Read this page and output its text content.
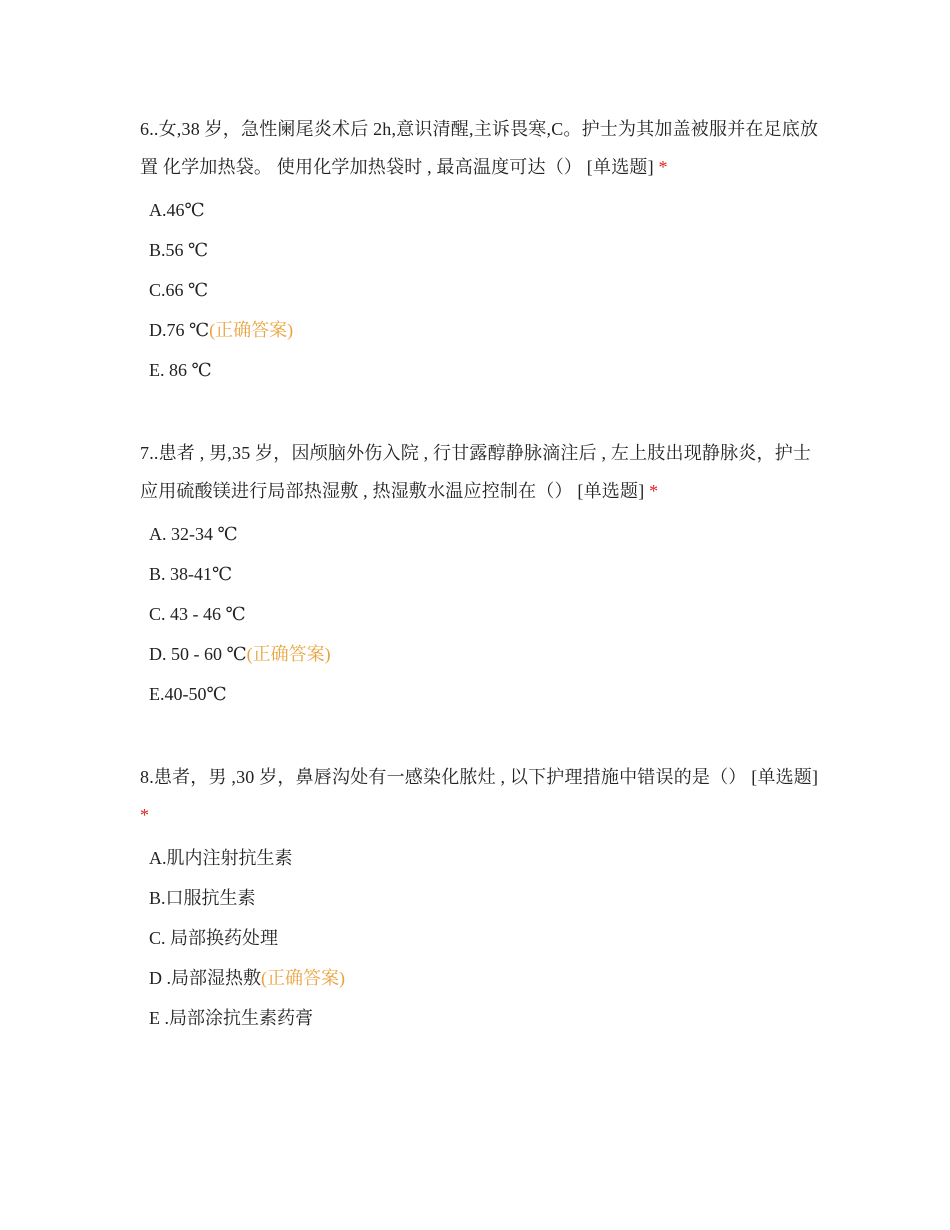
6..女,38 岁，急性阑尾炎术后 2h,意识清醒,主诉畏寒,C。护士为其加盖被服并在足底放置 化学加热袋。 使用化学加热袋时 , 最高温度可达（） [单选题] *

A.46℃
B.56 ℃
C.66 ℃
D.76 ℃(正确答案)
E. 86 ℃

7..患者 , 男,35 岁，因颅脑外伤入院 , 行甘露醇静脉滴注后 , 左上肢出现静脉炎，护士应用硫酸镁进行局部热湿敷 , 热湿敷水温应控制在（） [单选题] *

A. 32-34 ℃
B. 38-41℃
C. 43 - 46 ℃
D. 50 - 60 ℃(正确答案)
E.40-50℃

8.患者，男 ,30 岁，鼻唇沟处有一感染化脓灶 , 以下护理措施中错误的是（） [单选题] *

A.肌内注射抗生素
B.口服抗生素
C. 局部换药处理
D .局部湿热敷(正确答案)
E .局部涂抗生素药膏
